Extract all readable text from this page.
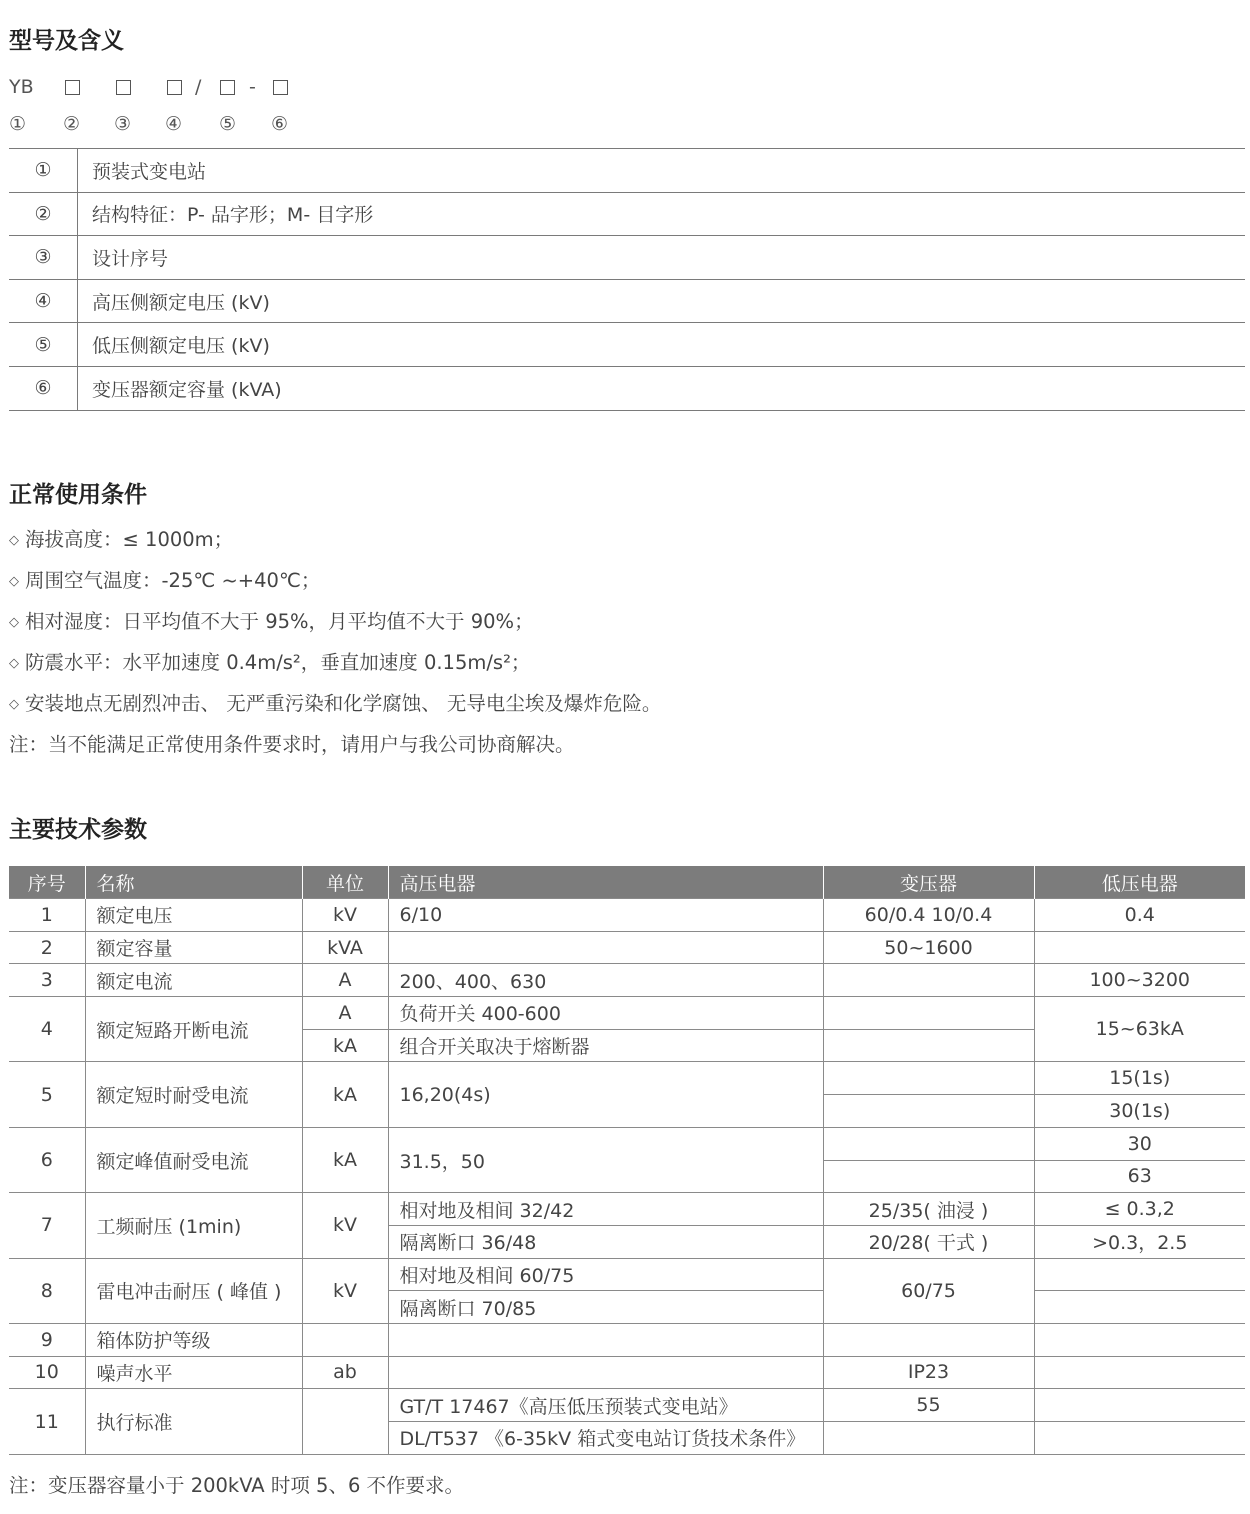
型号及含义
YB	/	-
① ② ③ ④ ⑤ ⑥
①	预装式变电站
②	结构特征：P- 品字形；M- 目字形
③	设计序号
④	高压侧额定电压 (kV)
⑤	低压侧额定电压 (kV)
⑥	变压器额定容量 (kVA)
正常使用条件
◇ 海拔高度：≤ 1000m；
◇ 周围空气温度：-25℃ ~+40℃；
◇ 相对湿度：日平均值不大于 95%，月平均值不大于 90%；
◇ 防震水平：水平加速度 0.4m/s²，垂直加速度 0.15m/s²；
◇ 安装地点无剧烈冲击、 无严重污染和化学腐蚀、 无导电尘埃及爆炸危险。
注：当不能满足正常使用条件要求时，请用户与我公司协商解决。
主要技术参数
序号	名称	单位	高压电器	变压器	低压电器
1	额定电压	kV	6/10	60/0.4 10/0.4	0.4
2	额定容量	kVA		50~1600	
3	额定电流	A	200、400、630		100~3200
4	额定短路开断电流	A	负荷开关 400-600		15~63kA
		kA	组合开关取决于熔断器		
5	额定短时耐受电流	kA	16,20(4s)		15(1s)
					30(1s)
6	额定峰值耐受电流	kA	31.5，50		30
					63
7	工频耐压 (1min)	kV	相对地及相间 32/42	25/35( 油浸 )	≤ 0.3,2
			隔离断口 36/48	20/28( 干式 )	>0.3，2.5
8	雷电冲击耐压 ( 峰值 )	kV	相对地及相间 60/75	60/75	
			隔离断口 70/85		
9	箱体防护等级				
10	噪声水平	ab		IP23	
11	执行标准		GT/T 17467《高压低压预装式变电站》	55	
			DL/T537 《6-35kV 箱式变电站订货技术条件》		
注：变压器容量小于 200kVA 时项 5、6 不作要求。
